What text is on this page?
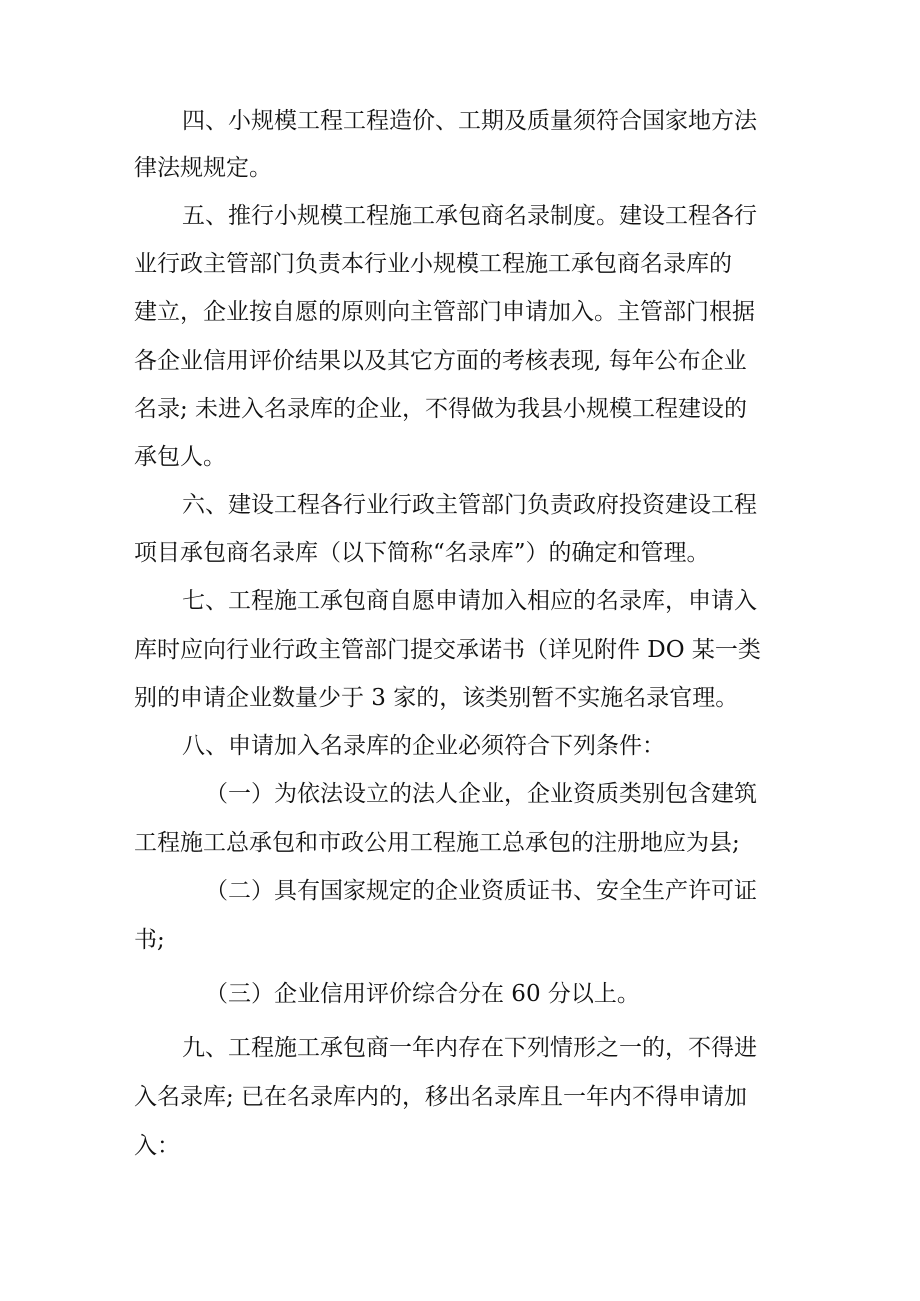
四、小规模工程工程造价、工期及质量须符合国家地方法

律法规规定。

五、推行小规模工程施工承包商名录制度。建设工程各行

业行政主管部门负责本行业小规模工程施工承包商名录库的

建立，企业按自愿的原则向主管部门申请加入。主管部门根据

各企业信用评价结果以及其它方面的考核表现, 每年公布企业

名录; 未进入名录库的企业，不得做为我县小规模工程建设的

承包人。

六、建设工程各行业行政主管部门负责政府投资建设工程

项目承包商名录库（以下简称“名录库”）的确定和管理。

七、工程施工承包商自愿申请加入相应的名录库，申请入

库时应向行业行政主管部门提交承诺书（详见附件 DO 某一类

别的申请企业数量少于 3 家的，该类别暂不实施名录官理。

八、申请加入名录库的企业必须符合下列条件：

（一）为依法设立的法人企业，企业资质类别包含建筑

工程施工总承包和市政公用工程施工总承包的注册地应为县;

（二）具有国家规定的企业资质证书、安全生产许可证

书;

（三）企业信用评价综合分在 60 分以上。

九、工程施工承包商一年内存在下列情形之一的，不得进

入名录库; 已在名录库内的，移出名录库且一年内不得申请加

入：
